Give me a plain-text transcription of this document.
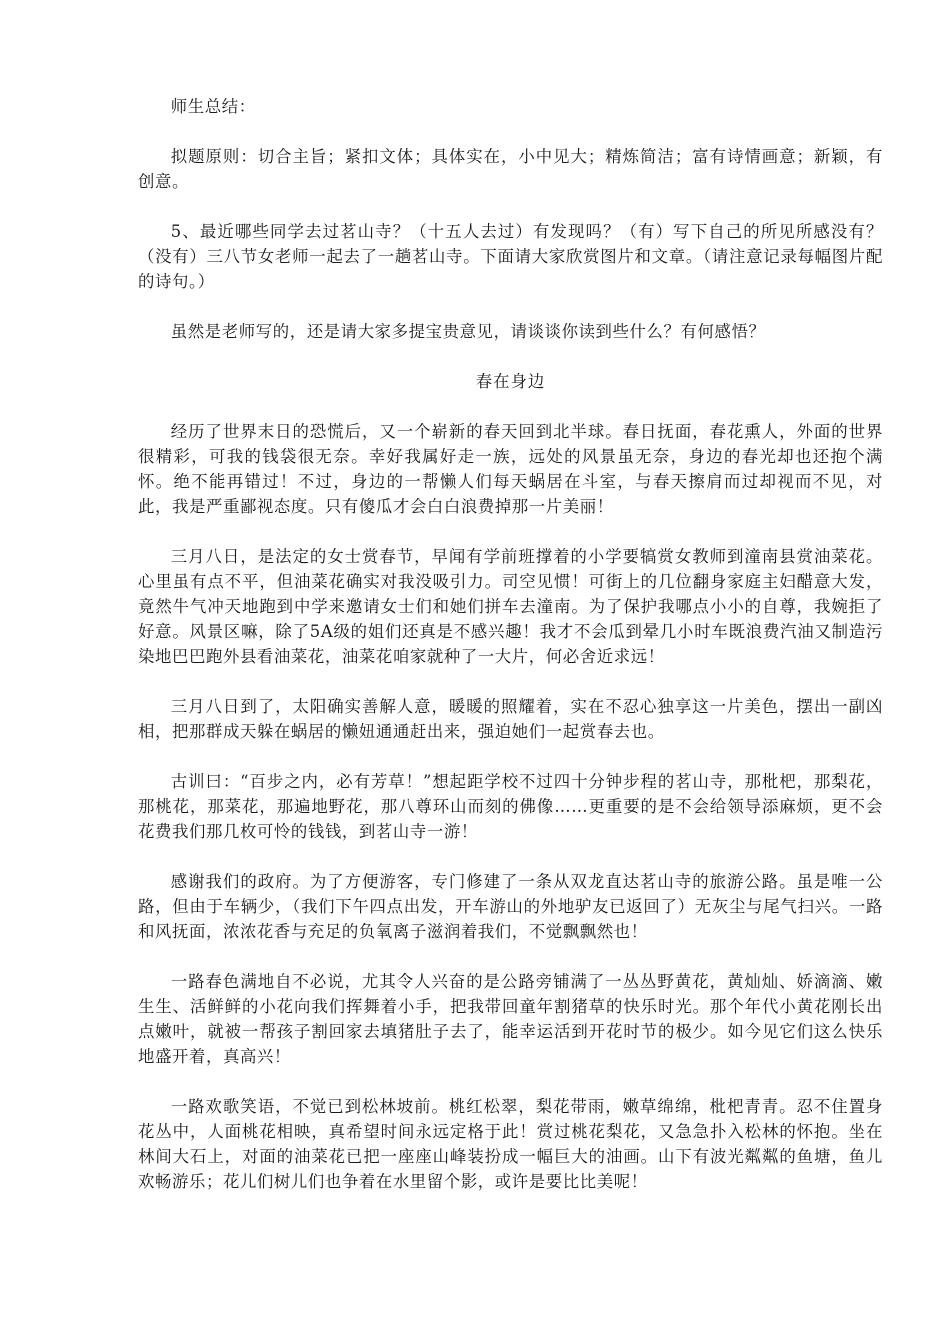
师生总结：

拟题原则：切合主旨；紧扣文体；具体实在，小中见大；精炼简洁；富有诗情画意；新颖，有创意。

5、最近哪些同学去过茗山寺？（十五人去过）有发现吗？（有）写下自己的所见所感没有？（没有）三八节女老师一起去了一趟茗山寺。下面请大家欣赏图片和文章。（请注意记录每幅图片配的诗句。）

虽然是老师写的，还是请大家多提宝贵意见，请谈谈你读到些什么？有何感悟？

春在身边

经历了世界末日的恐慌后，又一个崭新的春天回到北半球。春日抚面，春花熏人，外面的世界很精彩，可我的钱袋很无奈。幸好我属好走一族，远处的风景虽无奈，身边的春光却也还抱个满怀。绝不能再错过！不过，身边的一帮懒人们每天蜗居在斗室，与春天擦肩而过却视而不见，对此，我是严重鄙视态度。只有傻瓜才会白白浪费掉那一片美丽！

三月八日，是法定的女士赏春节，早闻有学前班撑着的小学要犒赏女教师到潼南县赏油菜花。心里虽有点不平，但油菜花确实对我没吸引力。司空见惯！可街上的几位翻身家庭主妇醋意大发，竟然牛气冲天地跑到中学来邀请女士们和她们拼车去潼南。为了保护我哪点小小的自尊，我婉拒了好意。风景区嘛，除了5A级的姐们还真是不感兴趣！我才不会瓜到晕几小时车既浪费汽油又制造污染地巴巴跑外县看油菜花，油菜花咱家就种了一大片，何必舍近求远！

三月八日到了，太阳确实善解人意，暖暖的照耀着，实在不忍心独享这一片美色，摆出一副凶相，把那群成天躲在蜗居的懒妞通通赶出来，强迫她们一起赏春去也。

古训曰：“百步之内，必有芳草！”想起距学校不过四十分钟步程的茗山寺，那枇杷，那梨花，那桃花，那菜花，那遍地野花，那八尊环山而刻的佛像……更重要的是不会给领导添麻烦，更不会花费我们那几枚可怜的钱钱，到茗山寺一游！

感谢我们的政府。为了方便游客，专门修建了一条从双龙直达茗山寺的旅游公路。虽是唯一公路，但由于车辆少，（我们下午四点出发，开车游山的外地驴友已返回了）无灰尘与尾气扫兴。一路和风抚面，浓浓花香与充足的负氧离子滋润着我们，不觉飘飘然也！

一路春色满地自不必说，尤其令人兴奋的是公路旁铺满了一丛丛野黄花，黄灿灿、娇滴滴、嫩生生、活鲜鲜的小花向我们挥舞着小手，把我带回童年割猪草的快乐时光。那个年代小黄花刚长出点嫩叶，就被一帮孩子割回家去填猪肚子去了，能幸运活到开花时节的极少。如今见它们这么快乐地盛开着，真高兴！

一路欢歌笑语，不觉已到松林坡前。桃红松翠，梨花带雨，嫩草绵绵，枇杷青青。忍不住置身花丛中，人面桃花相映，真希望时间永远定格于此！赏过桃花梨花，又急急扑入松林的怀抱。坐在林间大石上，对面的油菜花已把一座座山峰装扮成一幅巨大的油画。山下有波光粼粼的鱼塘，鱼儿欢畅游乐；花儿们树儿们也争着在水里留个影，或许是要比比美呢！
